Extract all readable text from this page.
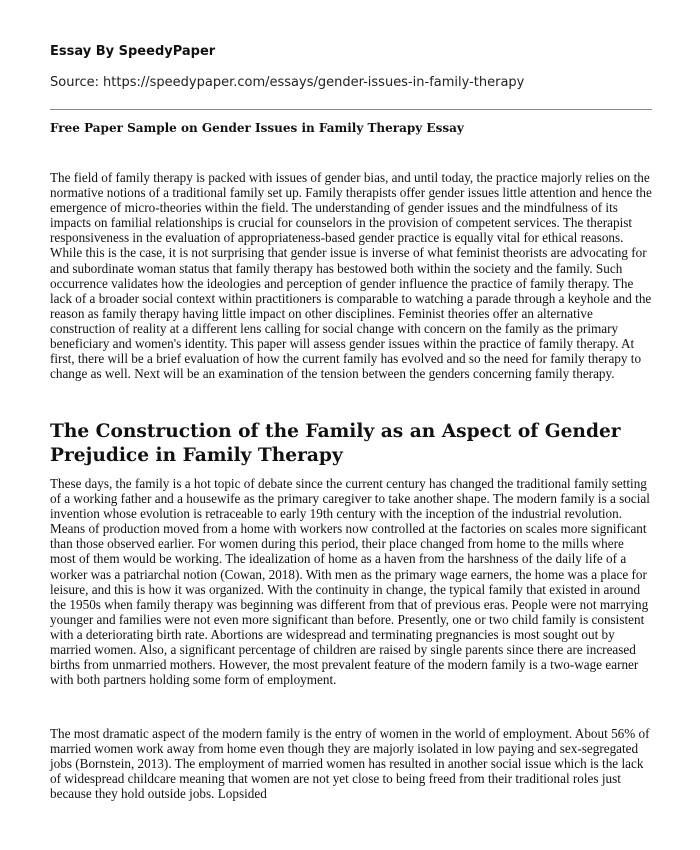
Essay By SpeedyPaper
Source: https://speedypaper.com/essays/gender-issues-in-family-therapy
Free Paper Sample on Gender Issues in Family Therapy Essay

The field of family therapy is packed with issues of gender bias, and until today, the practice majorly relies on the normative notions of a traditional family set up. Family therapists offer gender issues little attention and hence the emergence of micro-theories within the field. The understanding of gender issues and the mindfulness of its impacts on familial relationships is crucial for counselors in the provision of competent services. The therapist responsiveness in the evaluation of appropriateness-based gender practice is equally vital for ethical reasons. While this is the case, it is not surprising that gender issue is inverse of what feminist theorists are advocating for and subordinate woman status that family therapy has bestowed both within the society and the family. Such occurrence validates how the ideologies and perception of gender influence the practice of family therapy. The lack of a broader social context within practitioners is comparable to watching a parade through a keyhole and the reason as family therapy having little impact on other disciplines. Feminist theories offer an alternative construction of reality at a different lens calling for social change with concern on the family as the primary beneficiary and women's identity. This paper will assess gender issues within the practice of family therapy. At first, there will be a brief evaluation of how the current family has evolved and so the need for family therapy to change as well. Next will be an examination of the tension between the genders concerning family therapy.

The Construction of the Family as an Aspect of Gender Prejudice in Family Therapy

These days, the family is a hot topic of debate since the current century has changed the traditional family setting of a working father and a housewife as the primary caregiver to take another shape. The modern family is a social invention whose evolution is retraceable to early 19th century with the inception of the industrial revolution. Means of production moved from a home with workers now controlled at the factories on scales more significant than those observed earlier. For women during this period, their place changed from home to the mills where most of them would be working. The idealization of home as a haven from the harshness of the daily life of a worker was a patriarchal notion (Cowan, 2018). With men as the primary wage earners, the home was a place for leisure, and this is how it was organized. With the continuity in change, the typical family that existed in around the 1950s when family therapy was beginning was different from that of previous eras. People were not marrying younger and families were not even more significant than before. Presently, one or two child family is consistent with a deteriorating birth rate. Abortions are widespread and terminating pregnancies is most sought out by married women. Also, a significant percentage of children are raised by single parents since there are increased births from unmarried mothers. However, the most prevalent feature of the modern family is a two-wage earner with both partners holding some form of employment.

The most dramatic aspect of the modern family is the entry of women in the world of employment. About 56% of married women work away from home even though they are majorly isolated in low paying and sex-segregated jobs (Bornstein, 2013). The employment of married women has resulted in another social issue which is the lack of widespread childcare meaning that women are not yet close to being freed from their traditional roles just because they hold outside jobs. Lopsided
